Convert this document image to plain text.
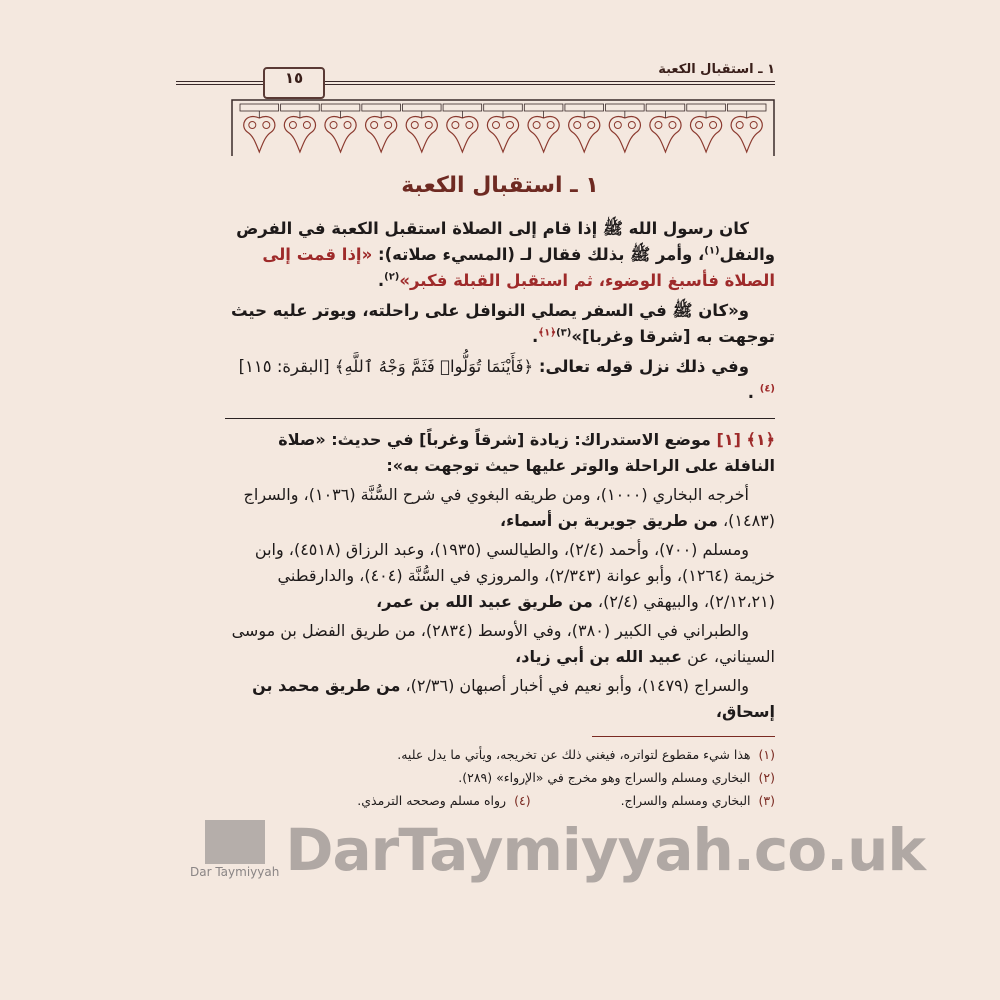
١ ـ استقبال الكعبة
١٥
١ ـ استقبال الكعبة

كان رسول الله ﷺ إذا قام إلى الصلاة استقبل الكعبة في الفرض والنفل$^{(١)}$، وأمر ﷺ بذلك فقال لـ (المسيء صلاته): «إذا قمت إلى الصلاة فأسبغ الوضوء، ثم استقبل القبلة فكبر»$^{(٢)}$.

و«كان ﷺ في السفر يصلي النوافل على راحلته، ويوتر عليه حيث توجهت به [شرقا وغربا]»$^{(٣)﴿١﴾}$.

وفي ذلك نزل قوله تعالى: ﴿فَأَيْنَمَا تُوَلُّوا۟ فَثَمَّ وَجْهُ ٱللَّهِ﴾ [البقرة: ١١٥]$^{(٤)}$ .

﴿١﴾ [١] موضع الاستدراك: زيادة [شرقاً وغرباً] في حديث: «صلاة النافلة على الراحلة والوتر عليها حيث توجهت به»:

أخرجه البخاري (١٠٠٠)، ومن طريقه البغوي في شرح السُّنَّة (١٠٣٦)، والسراج (١٤٨٣)، من طريق جويرية بن أسماء،

ومسلم (٧٠٠)، وأحمد (٢/٤)، والطيالسي (١٩٣٥)، وعبد الرزاق (٤٥١٨)، وابن خزيمة (١٢٦٤)، وأبو عوانة (٢/٣٤٣)، والمروزي في السُّنَّة (٤٠٤)، والدارقطني (٢/١٢،٢١)، والبيهقي (٢/٤)، من طريق عبيد الله بن عمر،

والطبراني في الكبير (٣٨٠)، وفي الأوسط (٢٨٣٤)، من طريق الفضل بن موسى السيناني، عن عبيد الله بن أبي زياد،

والسراج (١٤٧٩)، وأبو نعيم في أخبار أصبهان (٢/٣٦)، من طريق محمد بن إسحاق،

(١)هذا شيء مقطوع لتواتره، فيغني ذلك عن تخريجه، ويأتي ما يدل عليه.
(٢)البخاري ومسلم والسراج وهو مخرج في «الإرواء» (٢٨٩).
(٣)البخاري ومسلم والسراج.(٤)رواه مسلم وصححه الترمذي.
Dar Taymiyyah DarTaymiyyah.co.uk
